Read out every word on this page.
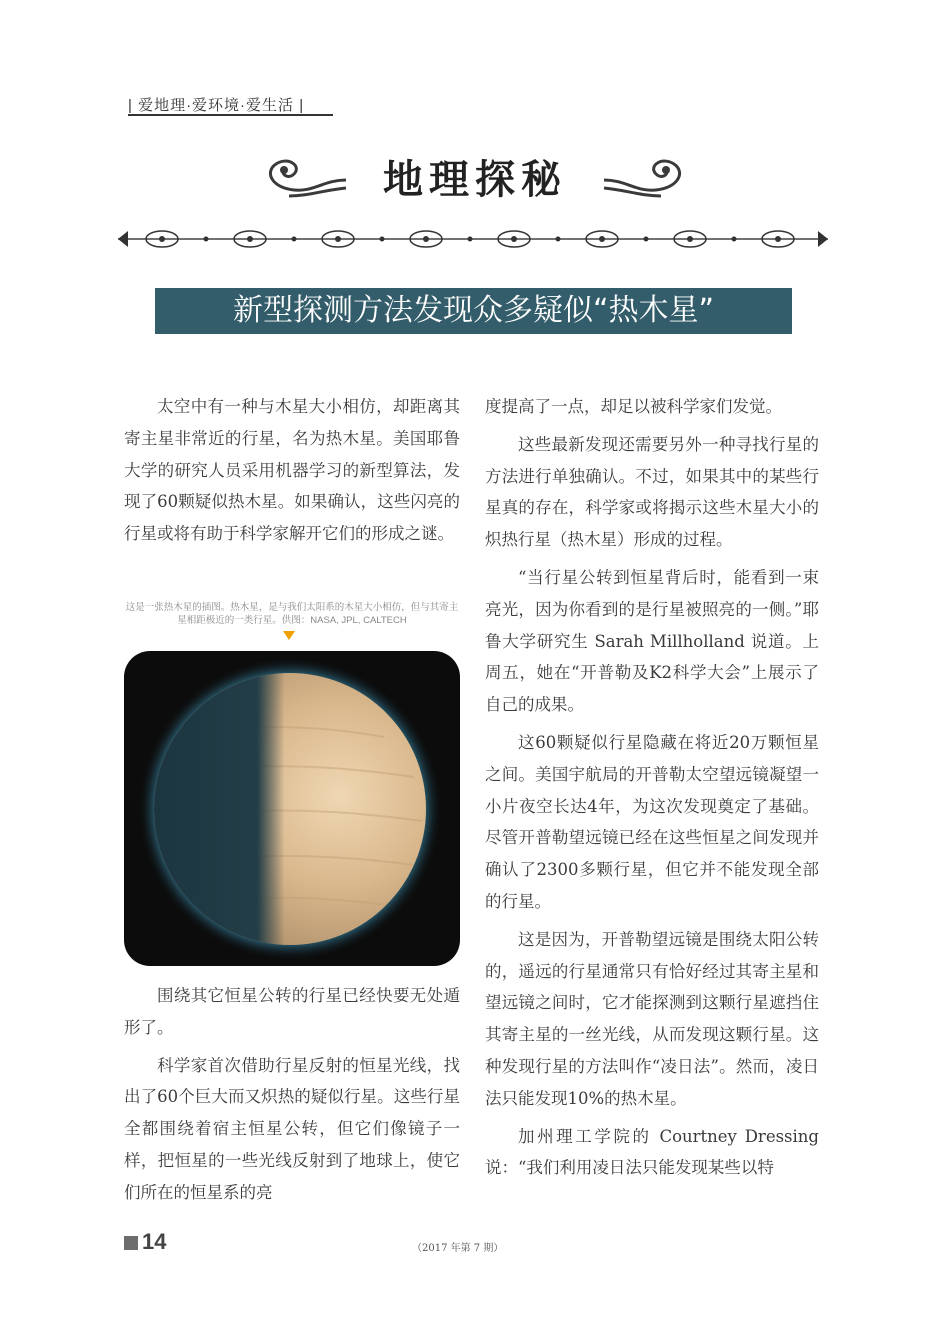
| 爱地理·爱环境·爱生活 |
地理探秘
新型探测方法发现众多疑似“热木星”

太空中有一种与木星大小相仿，却距离其寄主星非常近的行星，名为热木星。美国耶鲁大学的研究人员采用机器学习的新型算法，发现了60颗疑似热木星。如果确认，这些闪亮的行星或将有助于科学家解开它们的形成之谜。

这是一张热木星的插图。热木星，是与我们太阳系的木星大小相仿，但与其寄主星相距极近的一类行星。供图：NASA, JPL, CALTECH

围绕其它恒星公转的行星已经快要无处遁形了。

科学家首次借助行星反射的恒星光线，找出了60个巨大而又炽热的疑似行星。这些行星全都围绕着宿主恒星公转，但它们像镜子一样，把恒星的一些光线反射到了地球上，使它们所在的恒星系的亮

度提高了一点，却足以被科学家们发觉。

这些最新发现还需要另外一种寻找行星的方法进行单独确认。不过，如果其中的某些行星真的存在，科学家或将揭示这些木星大小的炽热行星（热木星）形成的过程。

“当行星公转到恒星背后时，能看到一束亮光，因为你看到的是行星被照亮的一侧。”耶鲁大学研究生 Sarah Millholland 说道。上周五，她在“开普勒及K2科学大会”上展示了自己的成果。

这60颗疑似行星隐藏在将近20万颗恒星之间。美国宇航局的开普勒太空望远镜凝望一小片夜空长达4年，为这次发现奠定了基础。尽管开普勒望远镜已经在这些恒星之间发现并确认了2300多颗行星，但它并不能发现全部的行星。

这是因为，开普勒望远镜是围绕太阳公转的，遥远的行星通常只有恰好经过其寄主星和望远镜之间时，它才能探测到这颗行星遮挡住其寄主星的一丝光线，从而发现这颗行星。这种发现行星的方法叫作“凌日法”。然而，凌日法只能发现10%的热木星。

加州理工学院的 Courtney Dressing 说：“我们利用凌日法只能发现某些以特

14	（2017 年第 7 期）
